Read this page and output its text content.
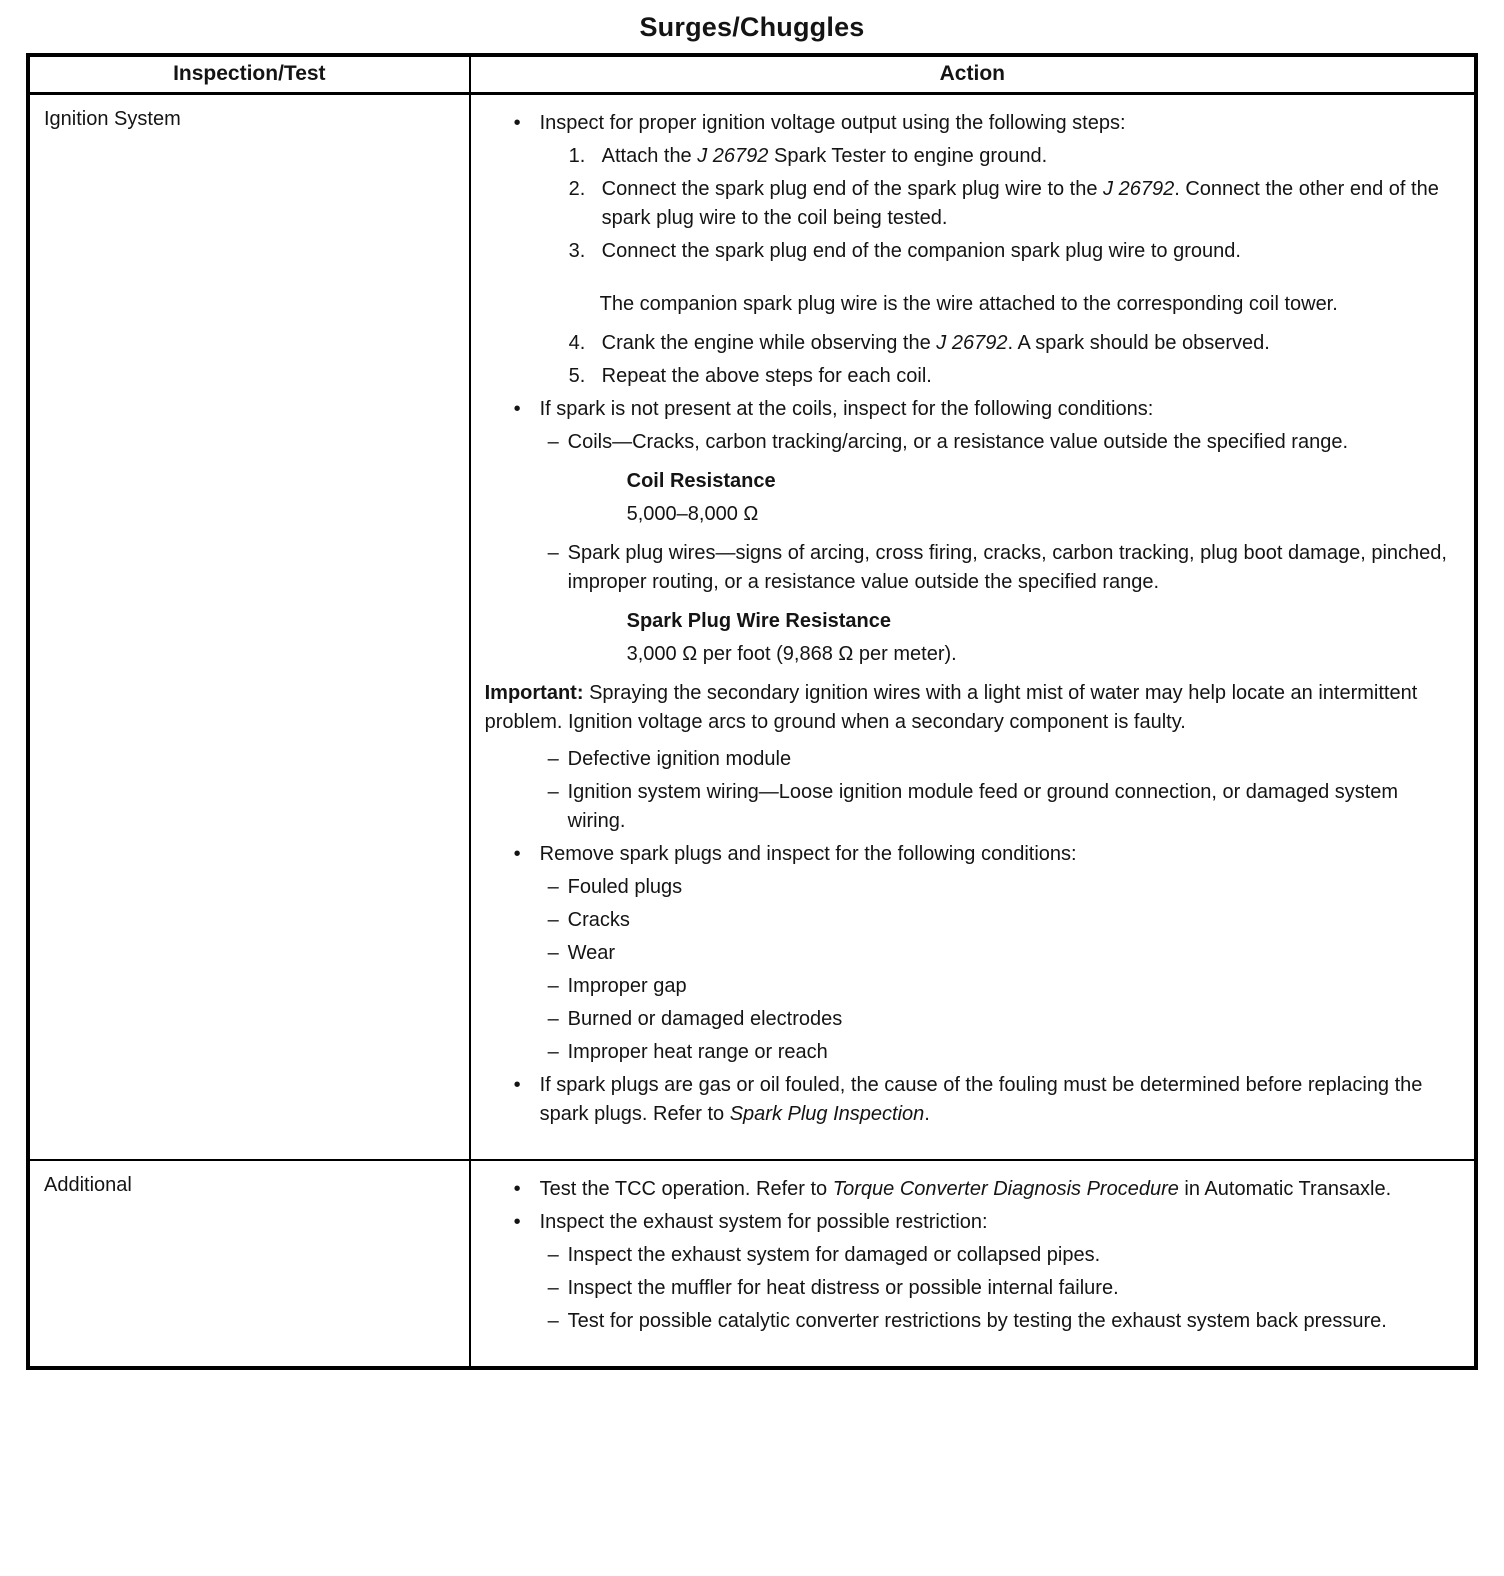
Surges/Chuggles
Inspection/Test	Action
Ignition System	• Inspect for proper ignition voltage output using the following steps:
1. Attach the J 26792 Spark Tester to engine ground.
2. Connect the spark plug end of the spark plug wire to the J 26792. Connect the other end of the spark plug wire to the coil being tested.
3. Connect the spark plug end of the companion spark plug wire to ground.
The companion spark plug wire is the wire attached to the corresponding coil tower.
4. Crank the engine while observing the J 26792. A spark should be observed.
5. Repeat the above steps for each coil.
• If spark is not present at the coils, inspect for the following conditions:
– Coils—Cracks, carbon tracking/arcing, or a resistance value outside the specified range.
Coil Resistance
5,000–8,000 Ω
– Spark plug wires—signs of arcing, cross firing, cracks, carbon tracking, plug boot damage, pinched, improper routing, or a resistance value outside the specified range.
Spark Plug Wire Resistance
3,000 Ω per foot (9,868 Ω per meter).
Important: Spraying the secondary ignition wires with a light mist of water may help locate an intermittent problem. Ignition voltage arcs to ground when a secondary component is faulty.
– Defective ignition module
– Ignition system wiring—Loose ignition module feed or ground connection, or damaged system wiring.
• Remove spark plugs and inspect for the following conditions:
– Fouled plugs
– Cracks
– Wear
– Improper gap
– Burned or damaged electrodes
– Improper heat range or reach
• If spark plugs are gas or oil fouled, the cause of the fouling must be determined before replacing the spark plugs. Refer to Spark Plug Inspection.

Additional	• Test the TCC operation. Refer to Torque Converter Diagnosis Procedure in Automatic Transaxle.
• Inspect the exhaust system for possible restriction:
– Inspect the exhaust system for damaged or collapsed pipes.
– Inspect the muffler for heat distress or possible internal failure.
– Test for possible catalytic converter restrictions by testing the exhaust system back pressure.
